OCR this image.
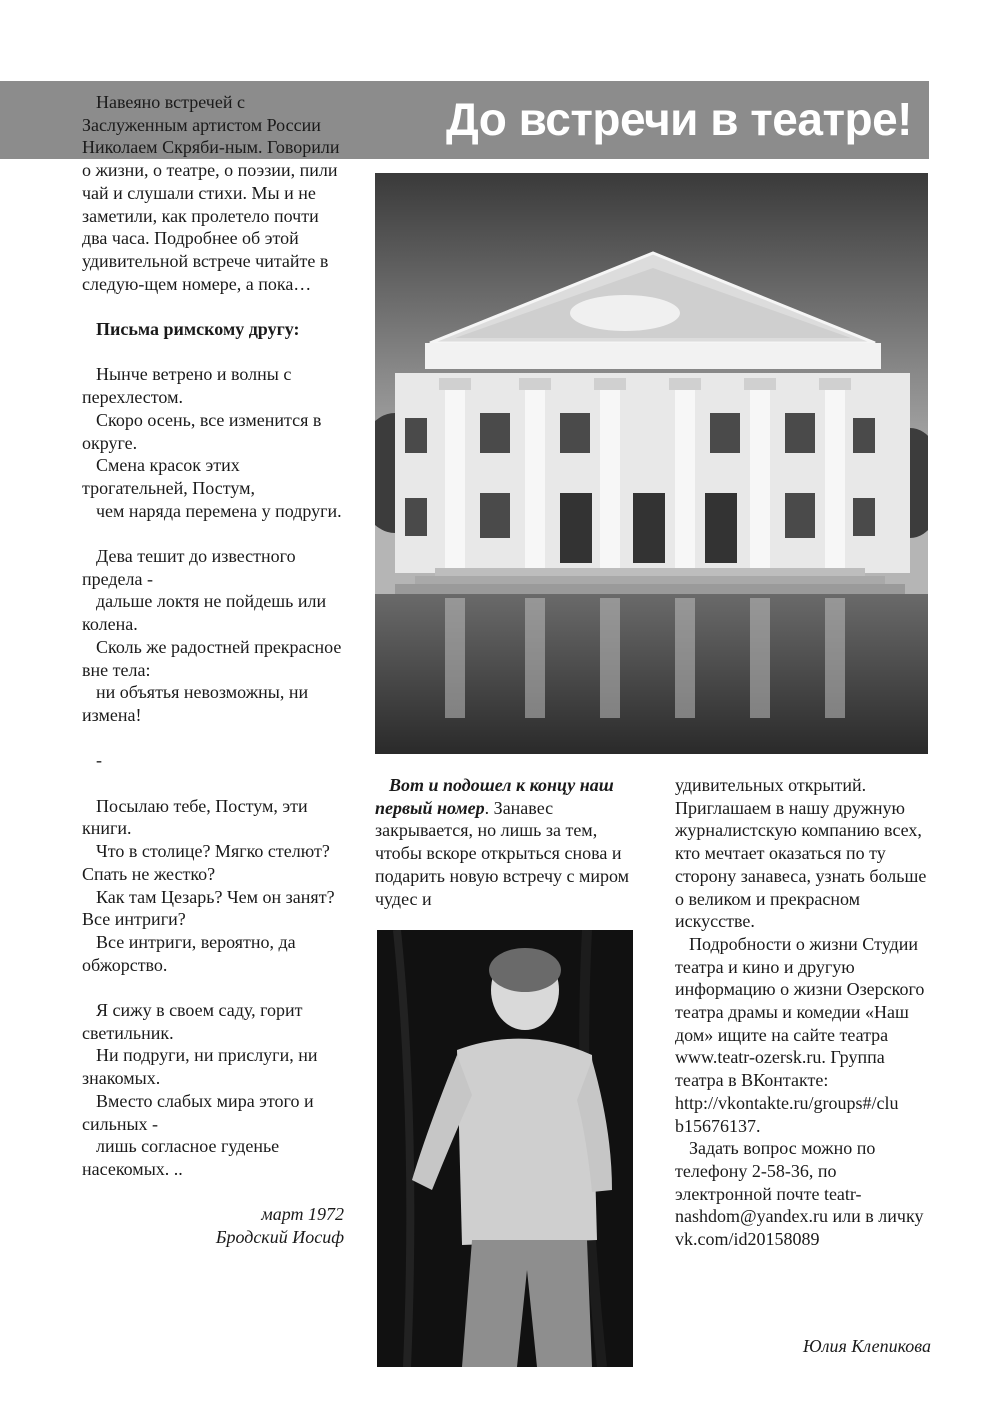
До встречи в театре!

Навеяно встречей с Заслуженным артистом России Николаем Скряби-ным. Говорили о жизни, о театре, о поэзии, пили чай и слушали стихи. Мы и не заметили, как пролетело почти два часа. Подробнее об этой удивительной встрече читайте в следую-щем номере, а пока…

Письма римскому другу:

Нынче ветрено и волны с перехлестом.

Скоро осень, все изменится в округе.

Смена красок этих трогательней, Постум,

чем наряда перемена у подруги.

Дева тешит до известного предела -

дальше локтя не пойдешь или колена.

Сколь же радостней прекрасное вне тела:

ни объятья невозможны, ни измена!

-

Посылаю тебе, Постум, эти книги.

Что в столице? Мягко стелют? Спать не жестко?

Как там Цезарь? Чем он занят? Все интриги?

Все интриги, вероятно, да обжорство.

Я сижу в своем саду, горит светильник.

Ни подруги, ни прислуги, ни знакомых.

Вместо слабых мира этого и сильных -

лишь согласное гуденье насекомых. ..

март 1972

Бродский Иосиф

Вот и подошел к концу наш первый номер. Занавес закрывается, но лишь за тем, чтобы вскоре открыться снова и подарить новую встречу с миром чудес и

удивительных открытий. Приглашаем в нашу дружную журналистскую компанию всех, кто мечтает оказаться по ту сторону занавеса, узнать больше о великом и прекрасном искусстве.

Подробности о жизни Студии театра и кино и другую информацию о жизни Озерского театра драмы и комедии «Наш дом» ищите на сайте театра www.teatr-ozersk.ru. Группа театра в ВКонтакте: http://vkontakte.ru/groups#/clu b15676137.

Задать вопрос можно по телефону 2-58-36, по электронной почте teatr-nashdom@yandex.ru или в личку vk.com/id20158089

Юлия Клепикова
